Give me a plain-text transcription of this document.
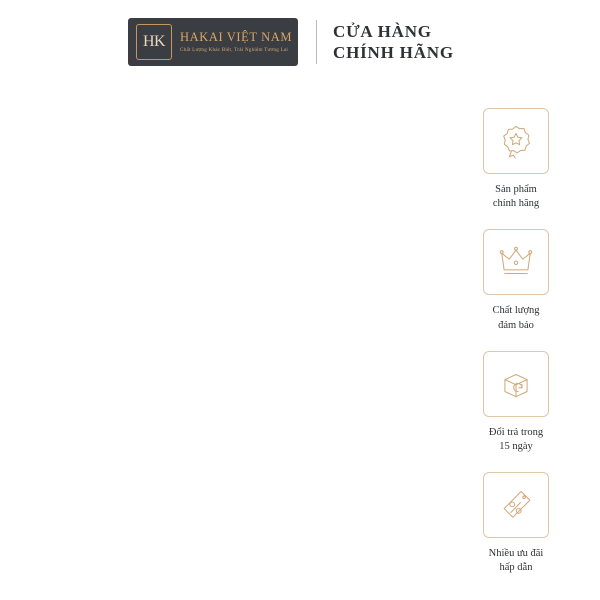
HK HAKAI VIỆT NAM
Chất Lượng Khác Biệt, Trải Nghiệm Tương Lai
CỬA HÀNG
CHÍNH HÃNG
Sản phẩm
chính hãng
Chất lượng
đảm bảo
Đổi trả trong
15 ngày
Nhiều ưu đãi
hấp dẫn
